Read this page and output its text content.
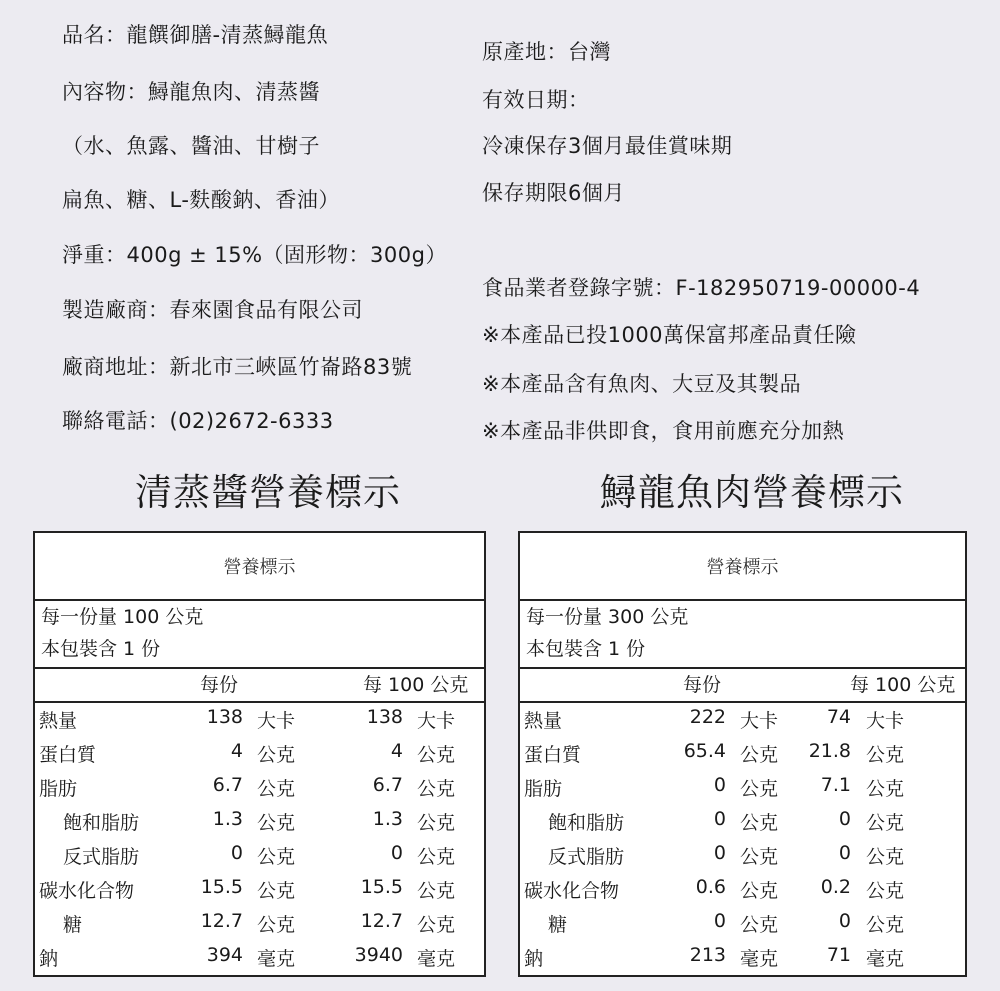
品名：龍饌御膳-清蒸鱘龍魚
內容物：鱘龍魚肉、清蒸醬
（水、魚露、醬油、甘樹子
扁魚、糖、L-麩酸鈉、香油）
淨重：400g ± 15%（固形物：300g）
製造廠商：春來園食品有限公司
廠商地址：新北市三峽區竹崙路83號
聯絡電話：(02)2672-6333
原產地：台灣
有效日期：
冷凍保存3個月最佳賞味期
保存期限6個月
食品業者登錄字號：F-182950719-00000-4
※本產品已投1000萬保富邦產品責任險
※本產品含有魚肉、大豆及其製品
※本產品非供即食，食用前應充分加熱
清蒸醬營養標示	鱘龍魚肉營養標示
營養標示
每一份量 100 公克
本包裝含 1 份
每份	每 100 公克
熱量	138 大卡	138 大卡
蛋白質	4 公克	4 公克
脂肪	6.7 公克	6.7 公克
飽和脂肪	1.3 公克	1.3 公克
反式脂肪	0 公克	0 公克
碳水化合物	15.5 公克	15.5 公克
糖	12.7 公克	12.7 公克
鈉	394 毫克	3940 毫克
營養標示
每一份量 300 公克
本包裝含 1 份
每份	每 100 公克
熱量	222 大卡	74 大卡
蛋白質	65.4 公克 21.8 公克
脂肪	0 公克 7.1 公克
飽和脂肪	0 公克	0 公克
反式脂肪	0 公克	0 公克
碳水化合物	0.6 公克 0.2 公克
糖	0 公克	0 公克
鈉	213 毫克	71 毫克
